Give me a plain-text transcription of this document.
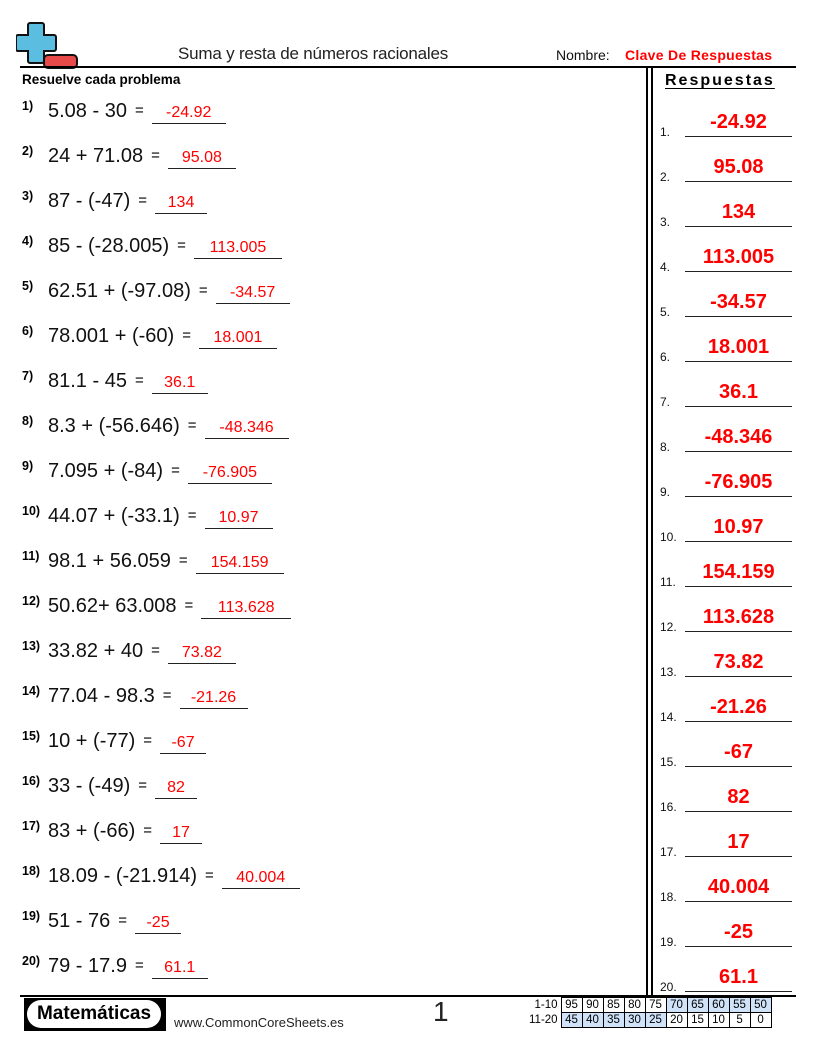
Suma y resta de números racionales	Nombre: Clave De Respuestas
Resuelve cada problema	Respuestas
1) 5.08 - 30 =	-24.92
2) 24 + 71.08 =	95.08
3) 87 - (-47) =	134
4) 85 - (-28.005) =	113.005
5) 62.51 + (-97.08) =	-34.57
6) 78.001 + (-60) =	18.001
7) 81.1 - 45 =	36.1
8) 8.3 + (-56.646) =	-48.346
9) 7.095 + (-84) =	-76.905
10) 44.07 + (-33.1) =	10.97
11) 98.1 + 56.059 =	154.159
12) 50.62+ 63.008 =	113.628
13) 33.82 + 40 =	73.82
14) 77.04 - 98.3 =	-21.26
15) 10 + (-77) =	-67
16) 33 - (-49) =	82
17) 83 + (-66) =	17
18) 18.09 - (-21.914) =	40.004
19) 51 - 76 =	-25
20) 79 - 17.9 =	61.1
1.	-24.92
2.	95.08
3.	134
4.	113.005
5.	-34.57
6.	18.001
7.	36.1
8.	-48.346
9.	-76.905
10.	10.97
11.	154.159
12.	113.628
13.	73.82
14.	-21.26
15.	-67
16.	82
17.	17
18.	40.004
19.	-25
20.	61.1
Matemáticas	www.CommonCoreSheets.es	1	1-10	95	90	85	80	75	70	65	60	55	50
11-20	45	40	35	30	25	20	15	10	5	0
